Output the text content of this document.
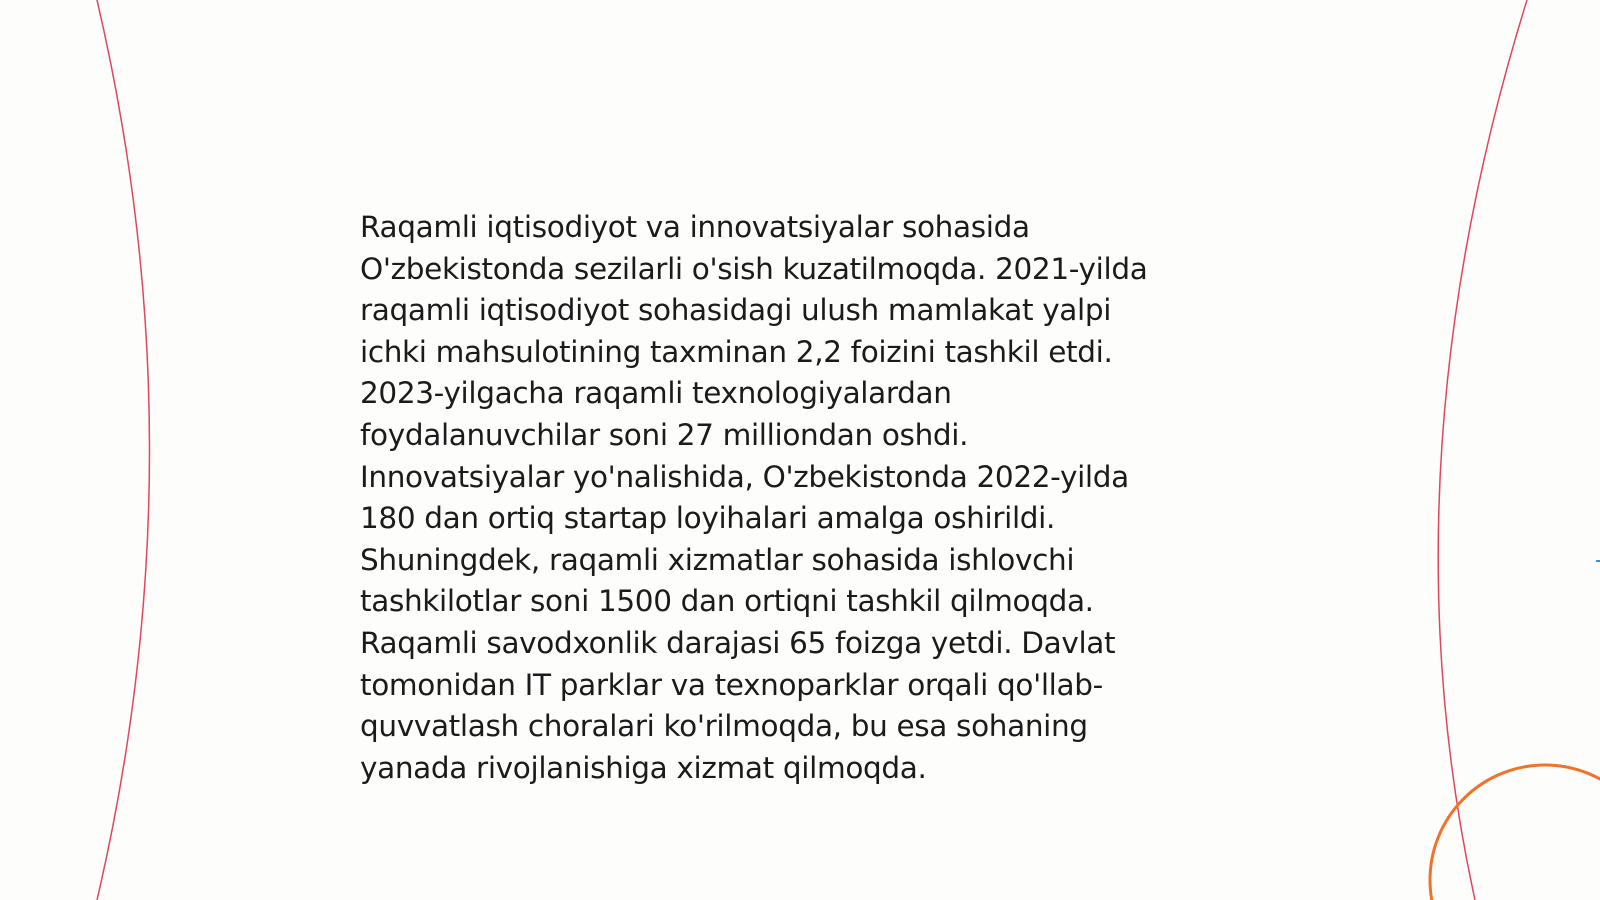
Raqamli iqtisodiyot va innovatsiyalar sohasida
O'zbekistonda sezilarli o'sish kuzatilmoqda. 2021-yilda
raqamli iqtisodiyot sohasidagi ulush mamlakat yalpi
ichki mahsulotining taxminan 2,2 foizini tashkil etdi.
2023-yilgacha raqamli texnologiyalardan
foydalanuvchilar soni 27 milliondan oshdi.
Innovatsiyalar yo'nalishida, O'zbekistonda 2022-yilda
180 dan ortiq startap loyihalari amalga oshirildi.
Shuningdek, raqamli xizmatlar sohasida ishlovchi
tashkilotlar soni 1500 dan ortiqni tashkil qilmoqda.
Raqamli savodxonlik darajasi 65 foizga yetdi. Davlat
tomonidan IT parklar va texnoparklar orqali qo'llab-
quvvatlash choralari ko'rilmoqda, bu esa sohaning
yanada rivojlanishiga xizmat qilmoqda.
